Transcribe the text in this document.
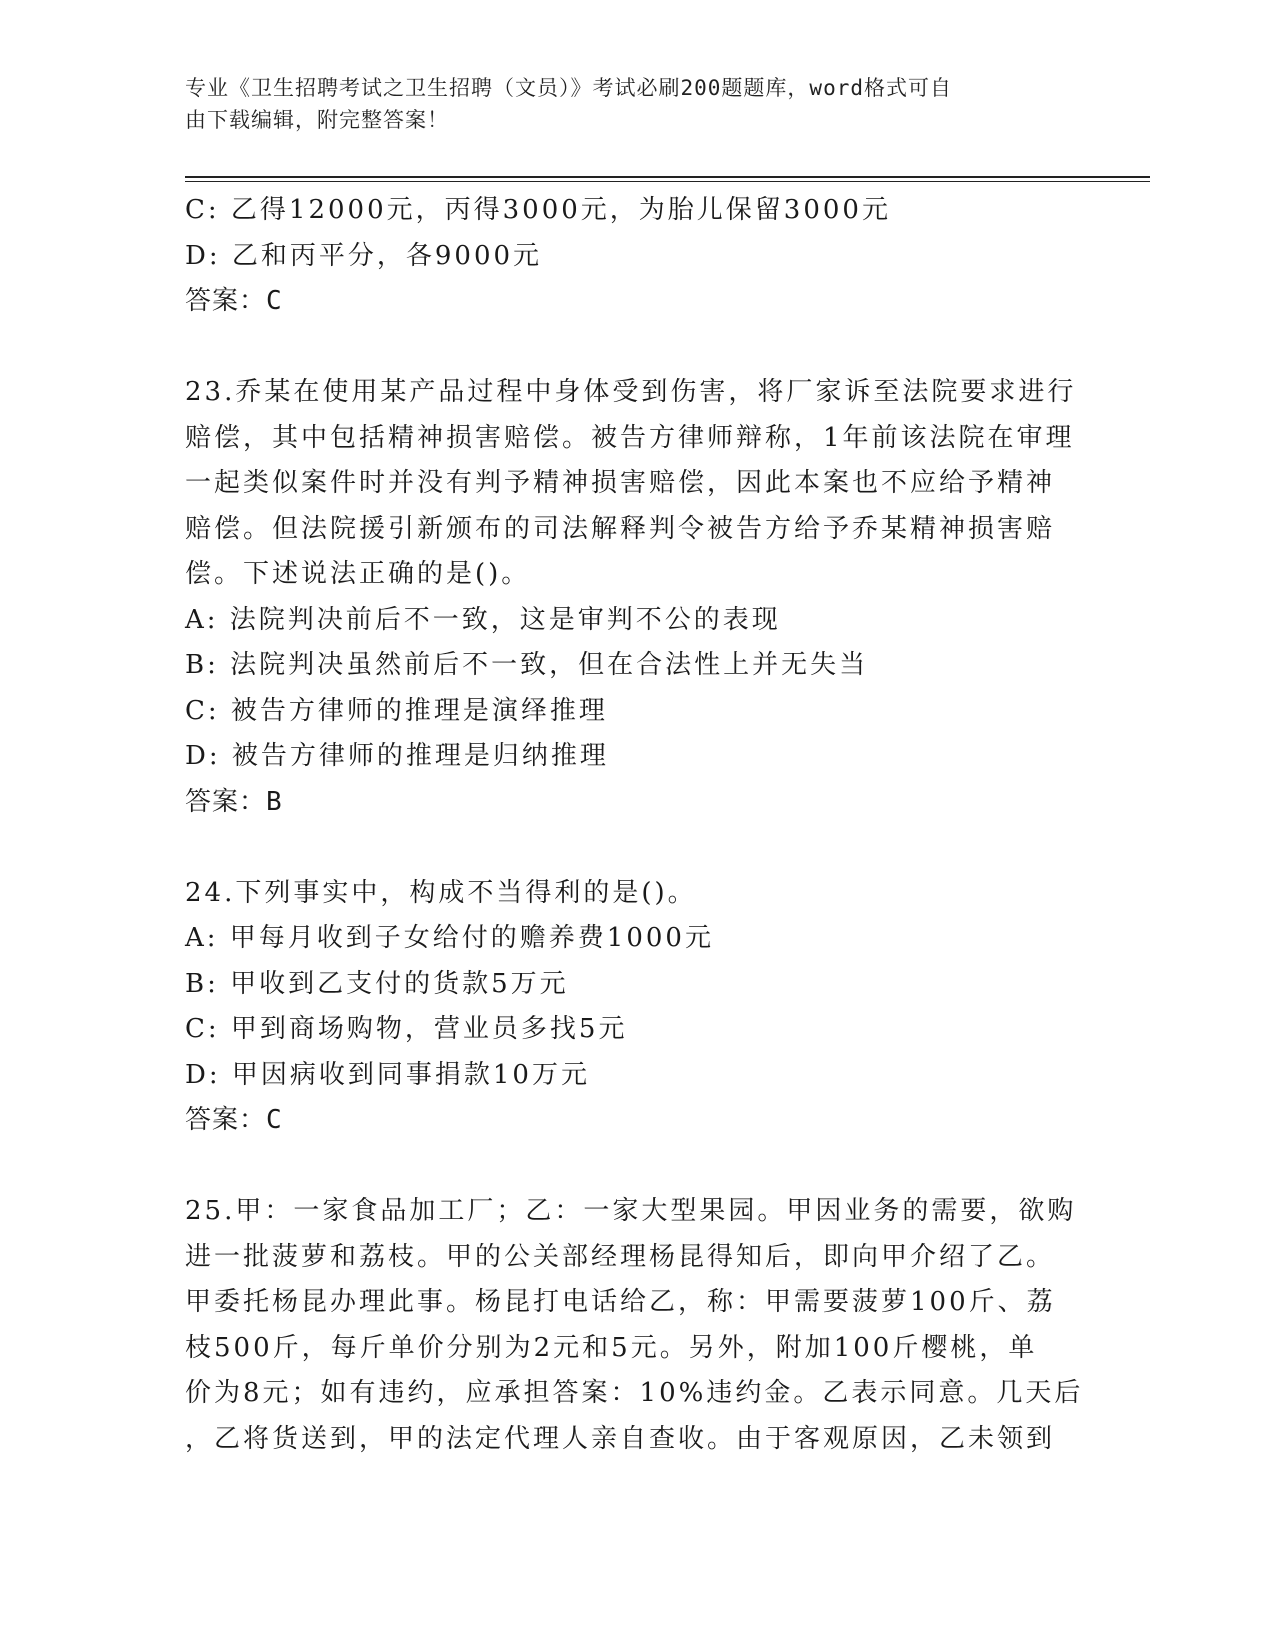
专业《卫生招聘考试之卫生招聘（文员）》考试必刷200题题库，word格式可自
由下载编辑，附完整答案！
C: 乙得12000元，丙得3000元，为胎儿保留3000元
D: 乙和丙平分，各9000元
答案：C
23.乔某在使用某产品过程中身体受到伤害，将厂家诉至法院要求进行
赔偿，其中包括精神损害赔偿。被告方律师辩称，1年前该法院在审理
一起类似案件时并没有判予精神损害赔偿，因此本案也不应给予精神
赔偿。但法院援引新颁布的司法解释判令被告方给予乔某精神损害赔
偿。下述说法正确的是()。
A: 法院判决前后不一致，这是审判不公的表现
B: 法院判决虽然前后不一致，但在合法性上并无失当
C: 被告方律师的推理是演绎推理
D: 被告方律师的推理是归纳推理
答案：B
24.下列事实中，构成不当得利的是()。
A: 甲每月收到子女给付的赡养费1000元
B: 甲收到乙支付的货款5万元
C: 甲到商场购物，营业员多找5元
D: 甲因病收到同事捐款10万元
答案：C
25.甲：一家食品加工厂；乙：一家大型果园。甲因业务的需要，欲购
进一批菠萝和荔枝。甲的公关部经理杨昆得知后，即向甲介绍了乙。
甲委托杨昆办理此事。杨昆打电话给乙，称：甲需要菠萝100斤、荔
枝500斤，每斤单价分别为2元和5元。另外，附加100斤樱桃，单
价为8元；如有违约，应承担答案：10%违约金。乙表示同意。几天后
，乙将货送到，甲的法定代理人亲自查收。由于客观原因，乙未领到
